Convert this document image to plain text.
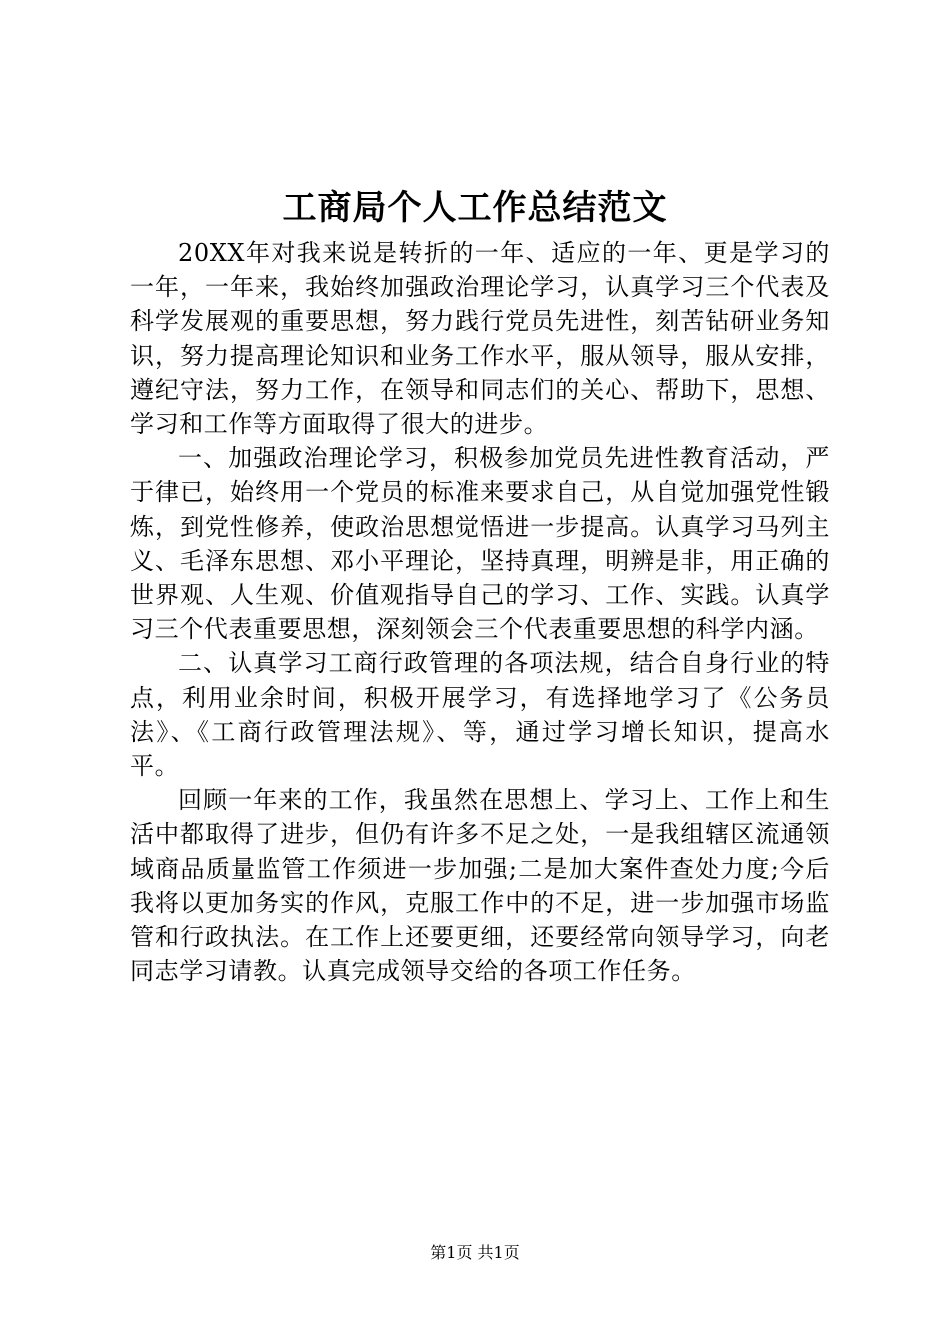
工商局个人工作总结范文

20XX年对我来说是转折的一年、适应的一年、更是学习的一年，一年来，我始终加强政治理论学习，认真学习三个代表及科学发展观的重要思想，努力践行党员先进性，刻苦钻研业务知识，努力提高理论知识和业务工作水平，服从领导，服从安排，遵纪守法，努力工作，在领导和同志们的关心、帮助下，思想、学习和工作等方面取得了很大的进步。

一、加强政治理论学习，积极参加党员先进性教育活动，严于律已，始终用一个党员的标准来要求自己，从自觉加强党性锻炼，到党性修养，使政治思想觉悟进一步提高。认真学习马列主义、毛泽东思想、邓小平理论，坚持真理，明辨是非，用正确的世界观、人生观、价值观指导自己的学习、工作、实践。认真学习三个代表重要思想，深刻领会三个代表重要思想的科学内涵。

二、认真学习工商行政管理的各项法规，结合自身行业的特点，利用业余时间，积极开展学习，有选择地学习了《公务员法》、《工商行政管理法规》、等，通过学习增长知识，提高水平。

回顾一年来的工作，我虽然在思想上、学习上、工作上和生活中都取得了进步，但仍有许多不足之处，一是我组辖区流通领域商品质量监管工作须进一步加强;二是加大案件查处力度;今后我将以更加务实的作风，克服工作中的不足，进一步加强市场监管和行政执法。在工作上还要更细，还要经常向领导学习，向老同志学习请教。认真完成领导交给的各项工作任务。

第1页 共1页
